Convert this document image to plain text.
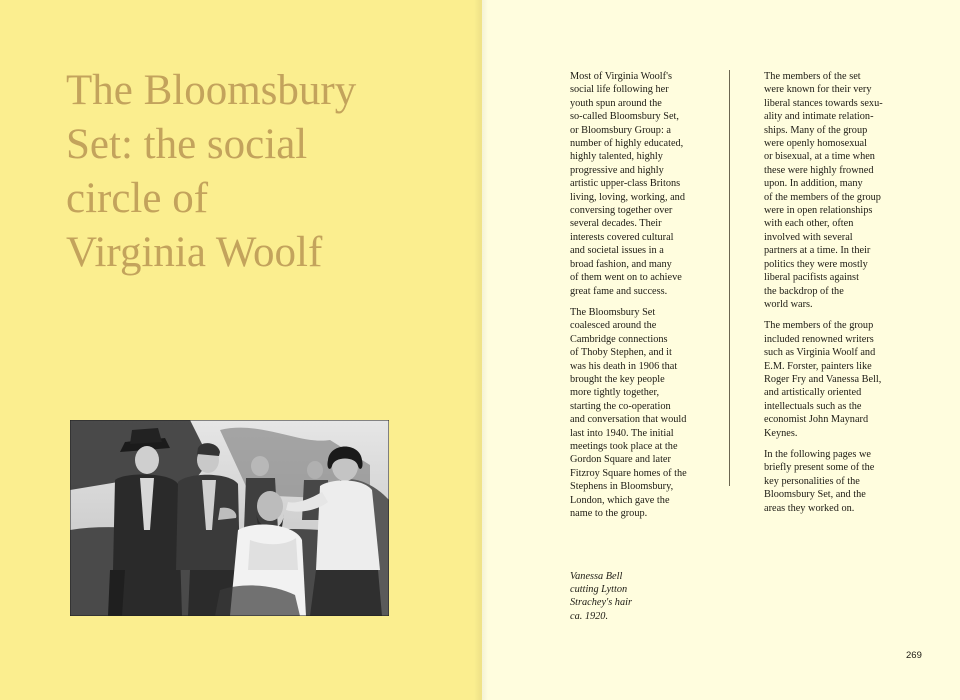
The Bloomsbury
Set: the social
circle of
Virginia Woolf

Most of Virginia Woolf's
social life following her
youth spun around the
so-called Bloomsbury Set,
or Bloomsbury Group: a
number of highly educated,
highly talented, highly
progressive and highly
artistic upper-class Britons
living, loving, working, and
conversing together over
several decades. Their
interests covered cultural
and societal issues in a
broad fashion, and many
of them went on to achieve
great fame and success.

The Bloomsbury Set
coalesced around the
Cambridge connections
of Thoby Stephen, and it
was his death in 1906 that
brought the key people
more tightly together,
starting the co-operation
and conversation that would
last into 1940. The initial
meetings took place at the
Gordon Square and later
Fitzroy Square homes of the
Stephens in Bloomsbury,
London, which gave the
name to the group.

The members of the set
were known for their very
liberal stances towards sexu-
ality and intimate relation-
ships. Many of the group
were openly homosexual
or bisexual, at a time when
these were highly frowned
upon. In addition, many
of the members of the group
were in open relationships
with each other, often
involved with several
partners at a time. In their
politics they were mostly
liberal pacifists against
the backdrop of the
world wars.

The members of the group
included renowned writers
such as Virginia Woolf and
E.M. Forster, painters like
Roger Fry and Vanessa Bell,
and artistically oriented
intellectuals such as the
economist John Maynard
Keynes.

In the following pages we
briefly present some of the
key personalities of the
Bloomsbury Set, and the
areas they worked on.

Vanessa Bell
cutting Lytton
Strachey's hair
ca. 1920.
269
